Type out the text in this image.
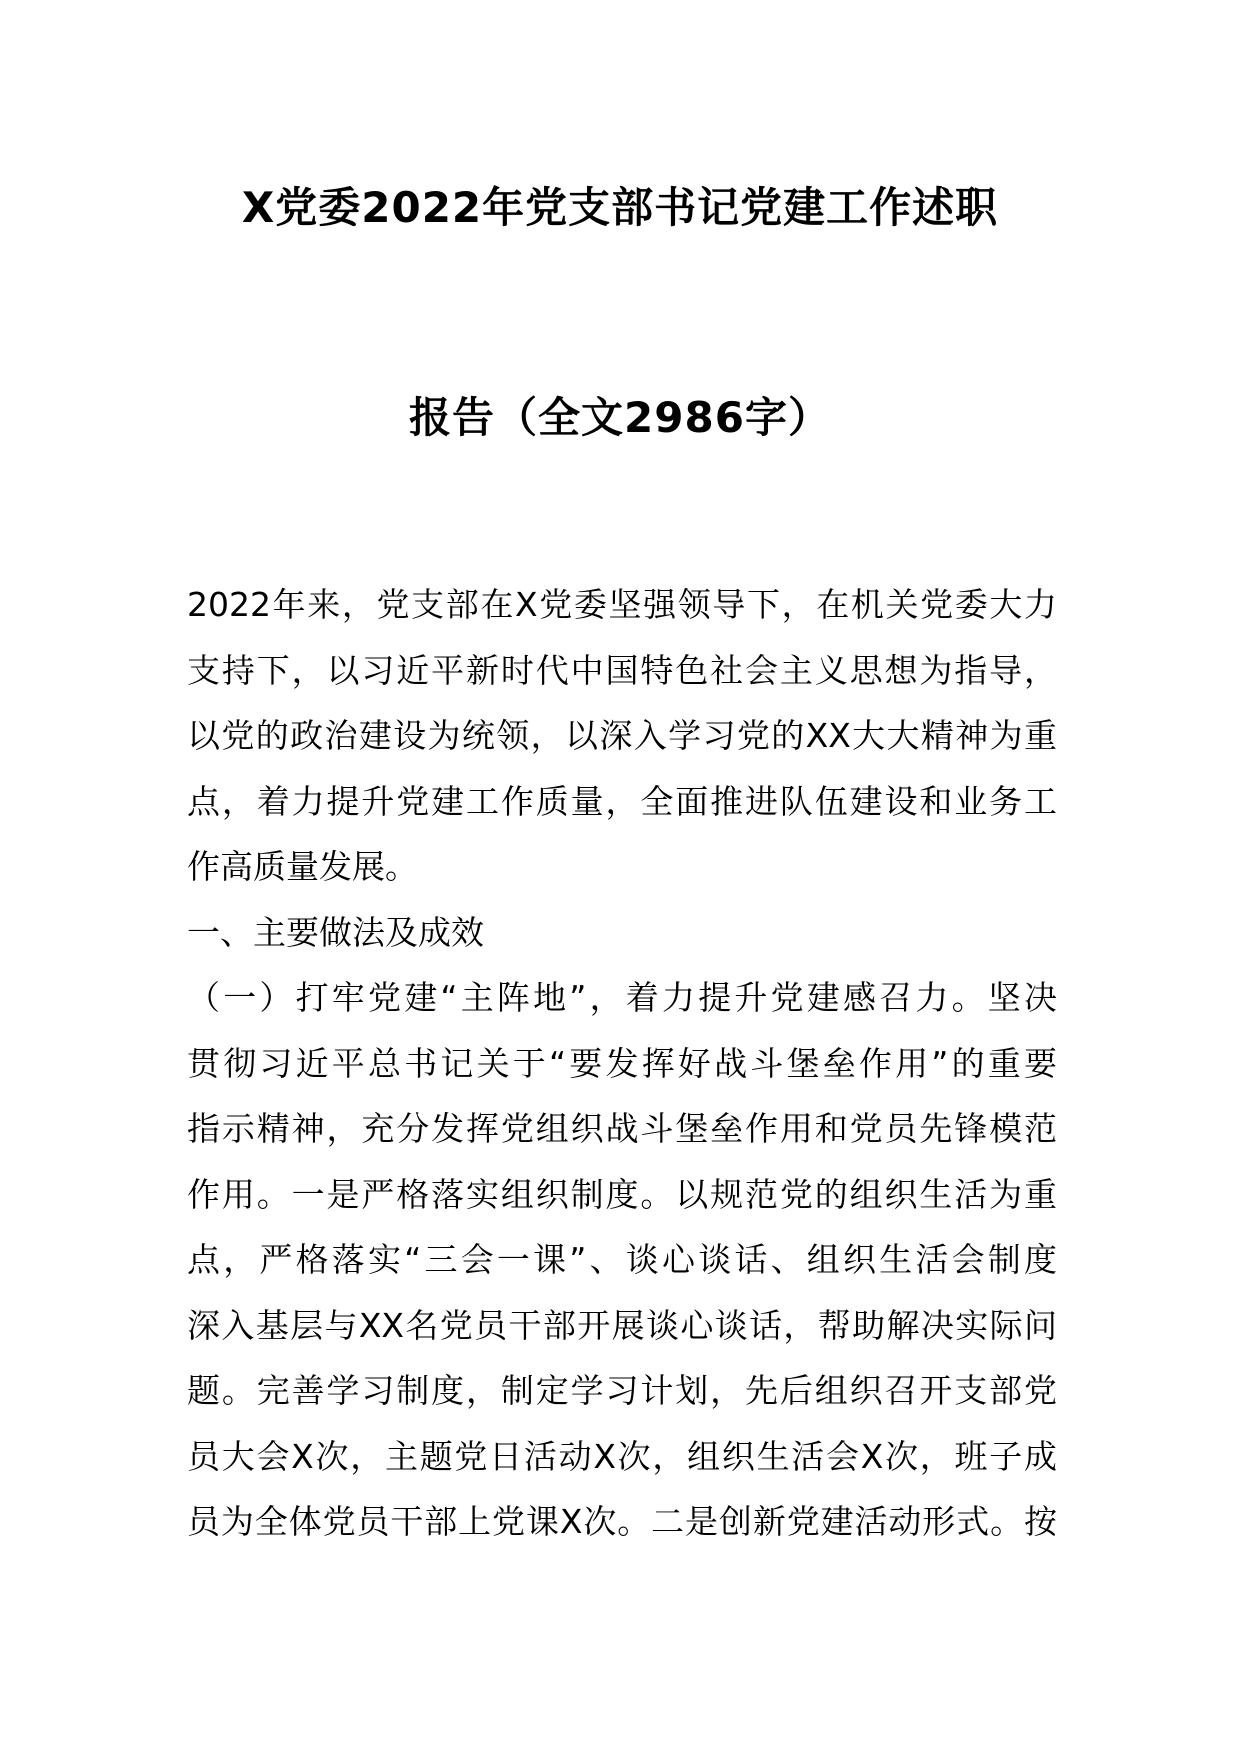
X党委2022年党支部书记党建工作述职
报告（全文2986字）
2022年来，党支部在X党委坚强领导下，在机关党委大力
支持下，以习近平新时代中国特色社会主义思想为指导，
以党的政治建设为统领，以深入学习党的XX大大精神为重
点，着力提升党建工作质量，全面推进队伍建设和业务工
作高质量发展。
一、主要做法及成效
（一）打牢党建“主阵地”，着力提升党建感召力。坚决
贯彻习近平总书记关于“要发挥好战斗堡垒作用”的重要
指示精神，充分发挥党组织战斗堡垒作用和党员先锋模范
作用。一是严格落实组织制度。以规范党的组织生活为重
点，严格落实“三会一课”、谈心谈话、组织生活会制度
深入基层与XX名党员干部开展谈心谈话，帮助解决实际问
题。完善学习制度，制定学习计划，先后组织召开支部党
员大会X次，主题党日活动X次，组织生活会X次，班子成
员为全体党员干部上党课X次。二是创新党建活动形式。按
